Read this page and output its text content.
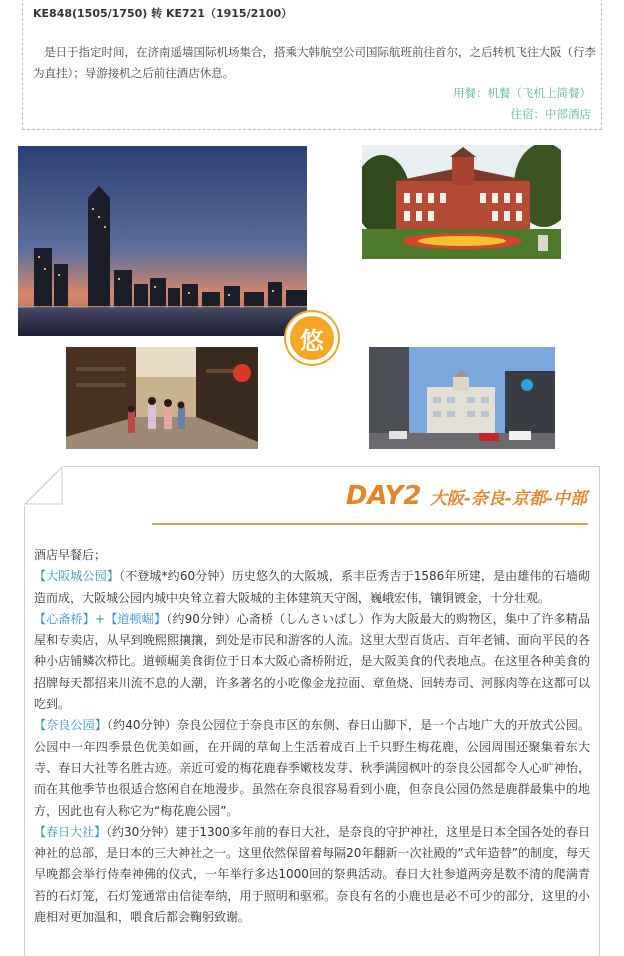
KE848(1505/1750) 转 KE721（1915/2100）
是日于指定时间，在济南遥墙国际机场集合，搭乘大韩航空公司国际航班前往首尔，之后转机飞往大阪（行李为直挂）；导游接机之后前往酒店休息。
用餐：机餐（飞机上简餐）
住宿：中部酒店
悠
DAY2 大阪-奈良-京都-中部

酒店早餐后；

【大阪城公园】（不登城*约60分钟）历史悠久的大阪城，系丰臣秀吉于1586年所建，是由雄伟的石墙砌造而成，大阪城公园内城中央耸立着大阪城的主体建筑天守阁，巍峨宏伟，镶铜镀金，十分壮观。

【心斋桥】+【道顿崛】（约90分钟）心斋桥（しんさいばし）作为大阪最大的购物区，集中了许多精品屋和专卖店，从早到晚熙熙攘攘，到处是市民和游客的人流。这里大型百货店、百年老铺、面向平民的各种小店铺鳞次栉比。道顿崛美食街位于日本大阪心斋桥附近，是大阪美食的代表地点。在这里各种美食的招牌每天都招来川流不息的人潮，许多著名的小吃像金龙拉面、章鱼烧、回转寿司、河豚肉等在这都可以吃到。

【奈良公园】（约40分钟）奈良公园位于奈良市区的东侧、春日山脚下，是一个占地广大的开放式公园。公园中一年四季景色优美如画，在开阔的草甸上生活着成百上千只野生梅花鹿，公园周围还聚集着东大寺、春日大社等名胜古迹。亲近可爱的梅花鹿春季嫩枝发芽、秋季满园枫叶的奈良公园都令人心旷神怡，而在其他季节也很适合悠闲自在地漫步。虽然在奈良很容易看到小鹿，但奈良公园仍然是鹿群最集中的地方，因此也有人称它为“梅花鹿公园”。

【春日大社】（约30分钟）建于1300多年前的春日大社，是奈良的守护神社，这里是日本全国各处的春日神社的总部，是日本的三大神社之一。这里依然保留着每隔20年翻新一次社殿的“式年造替”的制度，每天早晚都会举行侍奉神佛的仪式，一年举行多达1000回的祭典活动。春日大社参道两旁是数不清的爬满青苔的石灯笼，石灯笼通常由信徒奉纳，用于照明和驱邪。奈良有名的小鹿也是必不可少的部分，这里的小鹿相对更加温和，喂食后都会鞠躬致谢。
